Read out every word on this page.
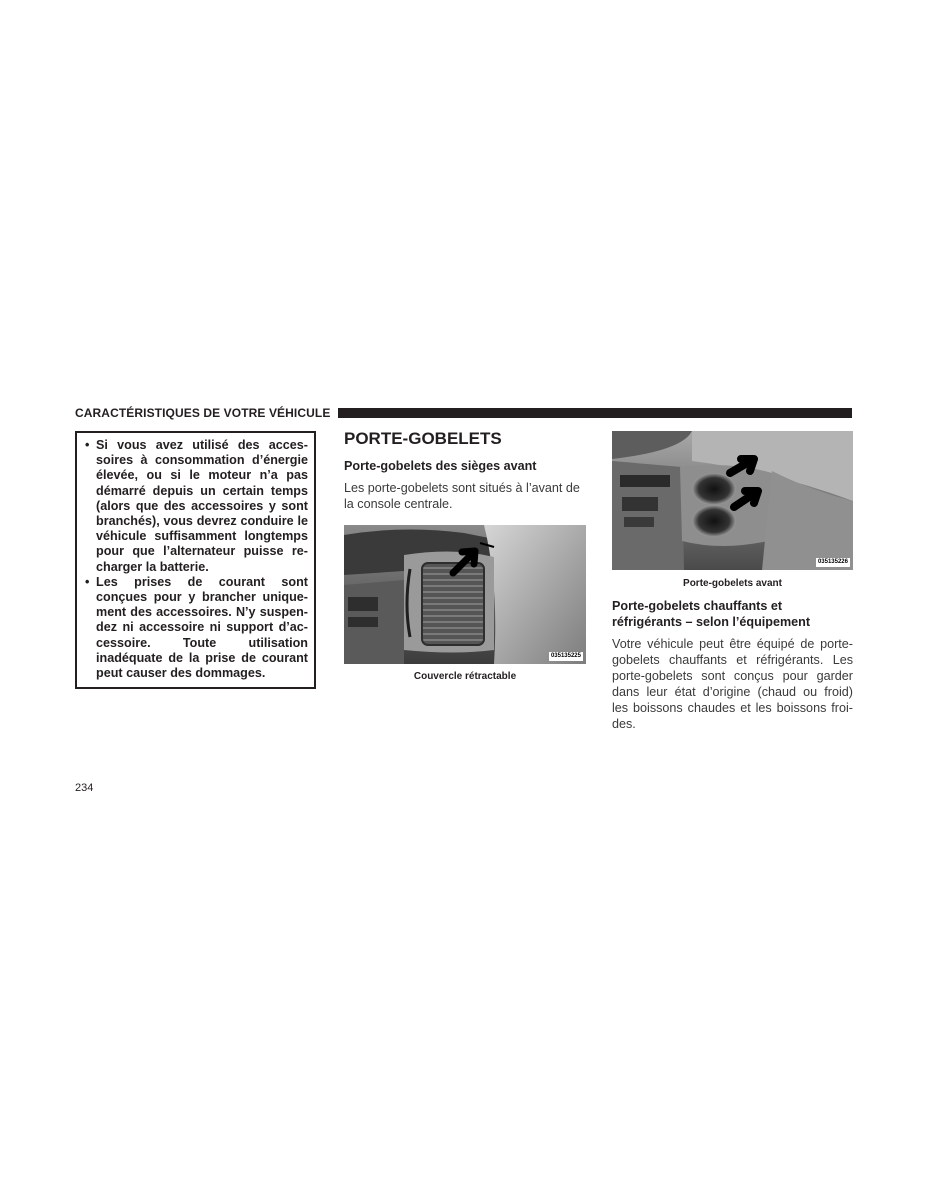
CARACTÉRISTIQUES DE VOTRE VÉHICULE
• Si vous avez utilisé des acces-
soires à consommation d’énergie
élevée, ou si le moteur n’a pas
démarré depuis un certain temps
(alors que des accessoires y sont
branchés), vous devrez conduire le
véhicule suffisamment longtemps
pour que l’alternateur puisse re-
charger la batterie.
• Les prises de courant sont
conçues pour y brancher unique-
ment des accessoires. N’y suspen-
dez ni accessoire ni support d’ac-
cessoire. Toute utilisation
inadéquate de la prise de courant
peut causer des dommages.
PORTE-GOBELETS
Porte-gobelets des sièges avant
Les porte-gobelets sont situés à l’avant de
la console centrale.
035135225
Couvercle rétractable
035135226
Porte-gobelets avant
Porte-gobelets chauffants et
réfrigérants – selon l’équipement
Votre véhicule peut être équipé de porte-
gobelets chauffants et réfrigérants. Les
porte-gobelets sont conçus pour garder
dans leur état d’origine (chaud ou froid)
les boissons chaudes et les boissons froi-
des.
234
